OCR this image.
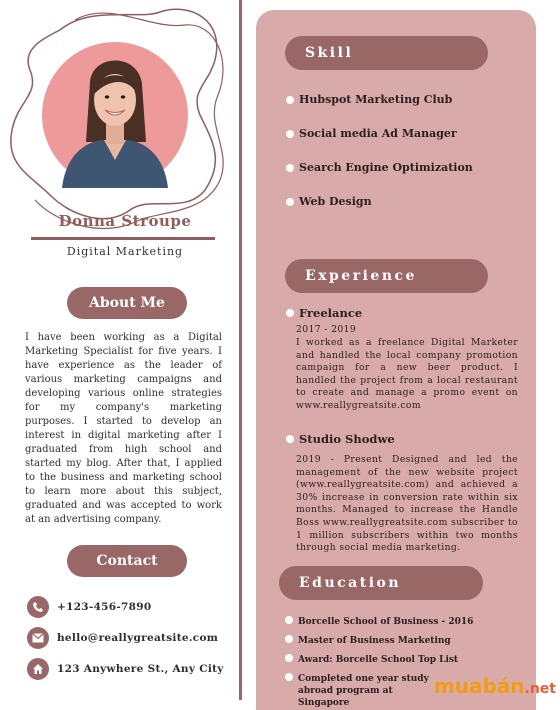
Donna Stroupe
Digital Marketing
About Me
I have been working as a Digital Marketing Specialist for five years. I have experience as the leader of various marketing campaigns and developing various online strategies for my company's marketing purposes. I started to develop an interest in digital marketing after I graduated from high school and started my blog. After that, I applied to the business and marketing school to learn more about this subject, graduated and was accepted to work at an advertising company.
Contact
+123-456-7890
hello@reallygreatsite.com
123 Anywhere St., Any City
Skill
Hubspot Marketing Club
Social media Ad Manager
Search Engine Optimization
Web Design
Experience
Freelance
2017 - 2019
I worked as a freelance Digital Marketer and handled the local company promotion campaign for a new beer product. I handled the project from a local restaurant to create and manage a promo event on www.reallygreatsite.com
Studio Shodwe
2019 - Present Designed and led the management of the new website project (www.reallygreatsite.com) and achieved a 30% increase in conversion rate within six months. Managed to increase the Handle Boss www.reallygreatsite.com subscriber to 1 million subscribers within two months through social media marketing.
Education
Borcelle School of Business - 2016
Master of Business Marketing
Award: Borcelle School Top List
Completed one year study abroad program at Singapore
muabán.net
